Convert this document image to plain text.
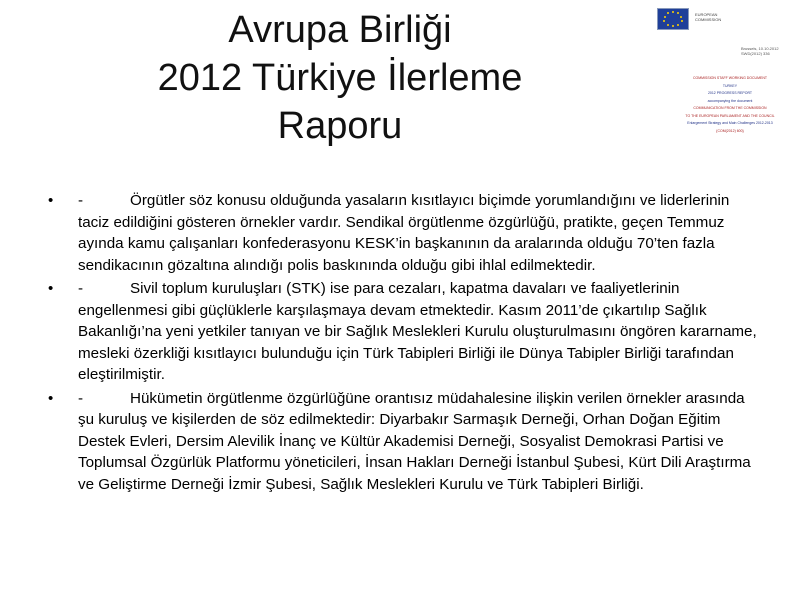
Avrupa Birliği
2012 Türkiye İlerleme
Raporu
EUROPEAN
COMMISSION
Brussels, 10.10.2012
SWD(2012) 336
COMMISSION STAFF WORKING DOCUMENT
TURKEY
2012 PROGRESS REPORT
accompanying the document
COMMUNICATION FROM THE COMMISSION
TO THE EUROPEAN PARLIAMENT AND THE COUNCIL
Enlargement Strategy and Main Challenges 2012-2013
{COM(2012) 600}
• -	Örgütler söz konusu olduğunda yasaların kısıtlayıcı biçimde yorumlandığını ve liderlerinin taciz edildiğini gösteren örnekler vardır. Sendikal örgütlenme özgürlüğü, pratikte, geçen Temmuz ayında kamu çalışanları konfederasyonu KESK’in başkanının da aralarında olduğu 70’ten fazla sendikacının gözaltına alındığı polis baskınında olduğu gibi ihlal edilmektedir.
• -	Sivil toplum kuruluşları (STK) ise para cezaları, kapatma davaları ve faaliyetlerinin engellenmesi gibi güçlüklerle karşılaşmaya devam etmektedir. Kasım 2011’de çıkartılıp Sağlık Bakanlığı’na yeni yetkiler tanıyan ve bir Sağlık Meslekleri Kurulu oluşturulmasını öngören kararname, mesleki özerkliği kısıtlayıcı bulunduğu için Türk Tabipleri Birliği ile Dünya Tabipler Birliği tarafından eleştirilmiştir.
• -	Hükümetin örgütlenme özgürlüğüne orantısız müdahalesine ilişkin verilen örnekler arasında şu kuruluş ve kişilerden de söz edilmektedir: Diyarbakır Sarmaşık Derneği, Orhan Doğan Eğitim Destek Evleri, Dersim Alevilik İnanç ve Kültür Akademisi Derneği, Sosyalist Demokrasi Partisi ve Toplumsal Özgürlük Platformu yöneticileri, İnsan Hakları Derneği İstanbul Şubesi, Kürt Dili Araştırma ve Geliştirme Derneği İzmir Şubesi, Sağlık Meslekleri Kurulu ve Türk Tabipleri Birliği.
